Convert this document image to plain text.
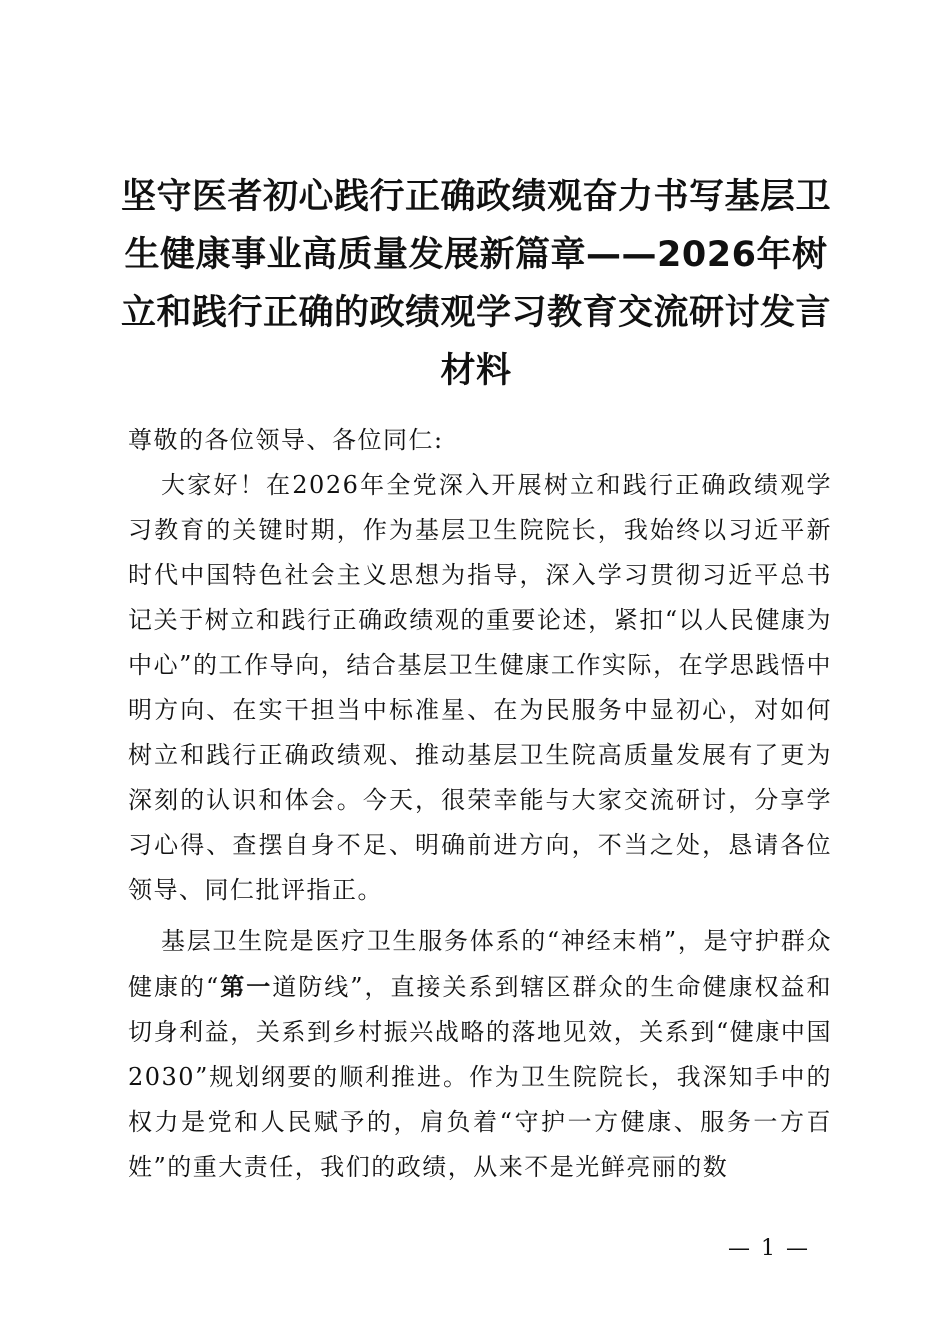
坚守医者初心践行正确政绩观奋力书写基层卫生健康事业高质量发展新篇章——2026年树立和践行正确的政绩观学习教育交流研讨发言材料

尊敬的各位领导、各位同仁:

大家好！在2026年全党深入开展树立和践行正确政绩观学习教育的关键时期，作为基层卫生院院长，我始终以习近平新时代中国特色社会主义思想为指导，深入学习贯彻习近平总书记关于树立和践行正确政绩观的重要论述，紧扣“以人民健康为中心”的工作导向，结合基层卫生健康工作实际，在学思践悟中明方向、在实干担当中标准星、在为民服务中显初心，对如何树立和践行正确政绩观、推动基层卫生院高质量发展有了更为深刻的认识和体会。今天，很荣幸能与大家交流研讨，分享学习心得、查摆自身不足、明确前进方向，不当之处，恳请各位领导、同仁批评指正。

基层卫生院是医疗卫生服务体系的“神经末梢”，是守护群众健康的“第一道防线”，直接关系到辖区群众的生命健康权益和切身利益，关系到乡村振兴战略的落地见效，关系到“健康中国2030”规划纲要的顺利推进。作为卫生院院长，我深知手中的权力是党和人民赋予的，肩负着“守护一方健康、服务一方百姓”的重大责任，我们的政绩，从来不是光鲜亮丽的数

— 1 —
